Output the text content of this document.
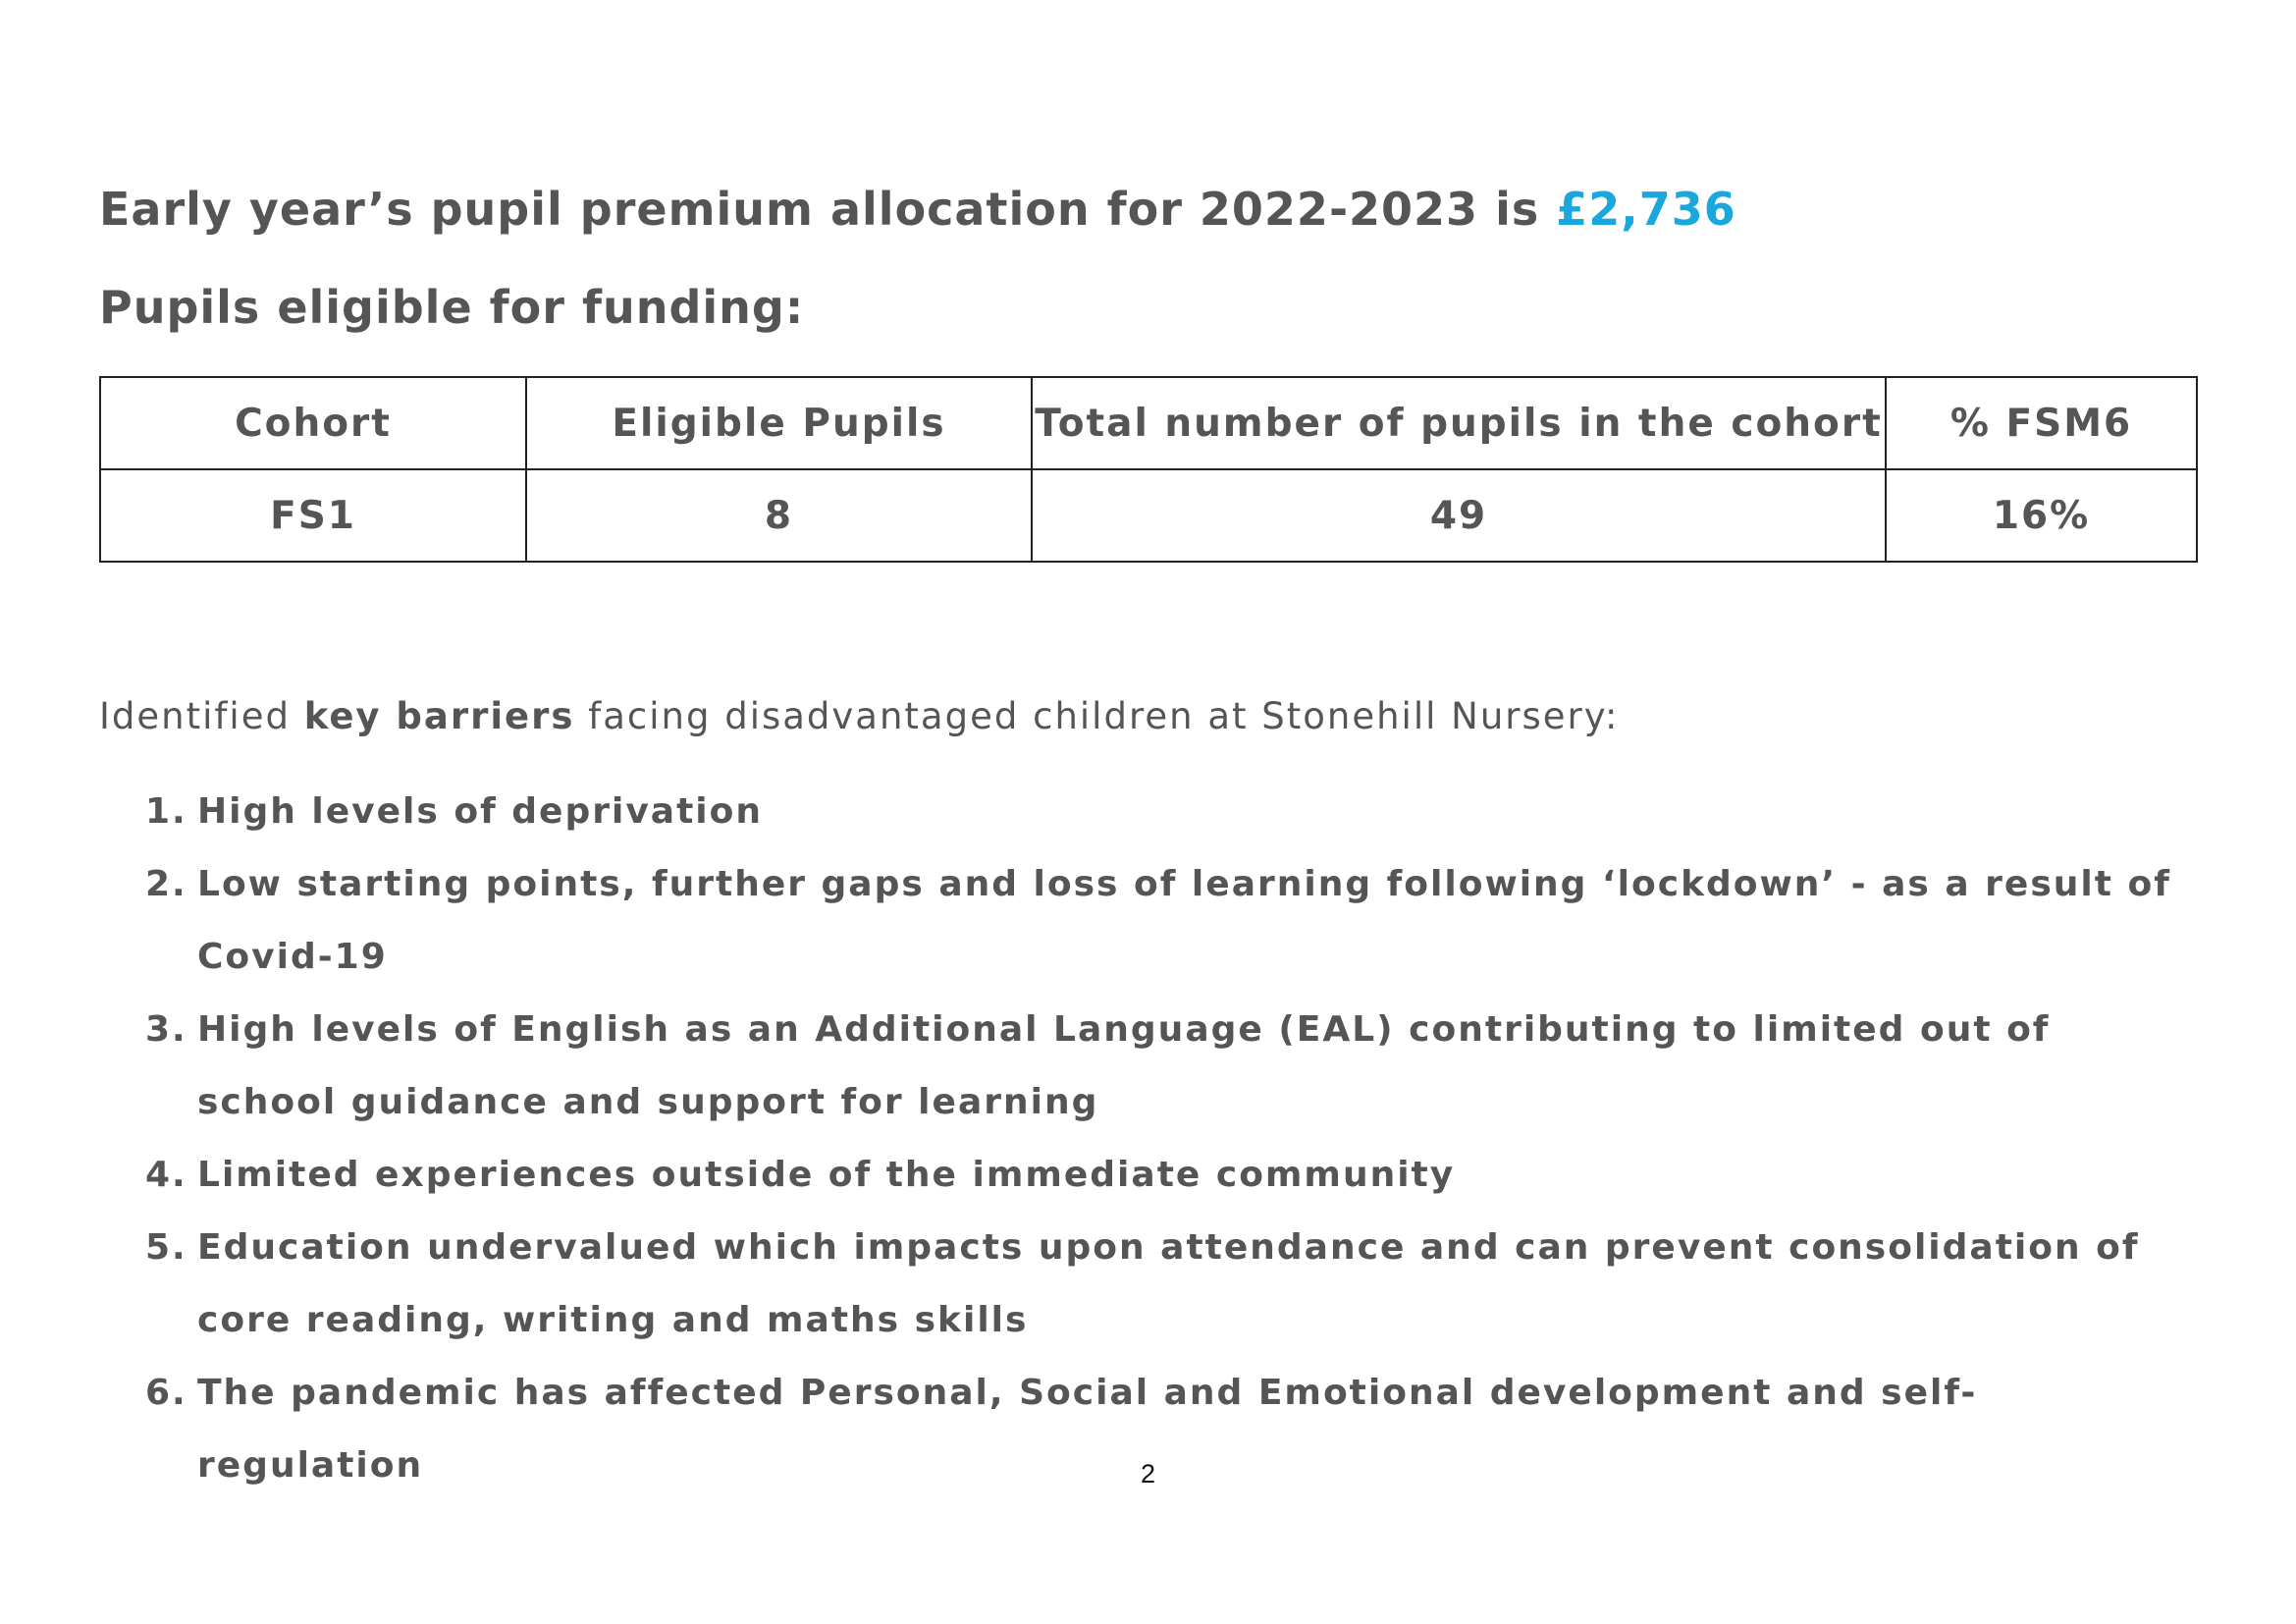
Early year’s pupil premium allocation for 2022-2023 is £2,736
Pupils eligible for funding:
Cohort	Eligible Pupils	Total number of pupils in the cohort	% FSM6
FS1	8	49	16%

Identified key barriers facing disadvantaged children at Stonehill Nursery:

1. High levels of deprivation
2. Low starting points, further gaps and loss of learning following ‘lockdown’ - as a result of Covid-19
3. High levels of English as an Additional Language (EAL) contributing to limited out of school guidance and support for learning
4. Limited experiences outside of the immediate community
5. Education undervalued which impacts upon attendance and can prevent consolidation of core reading, writing and maths skills
6. The pandemic has affected Personal, Social and Emotional development and self-regulation	2
